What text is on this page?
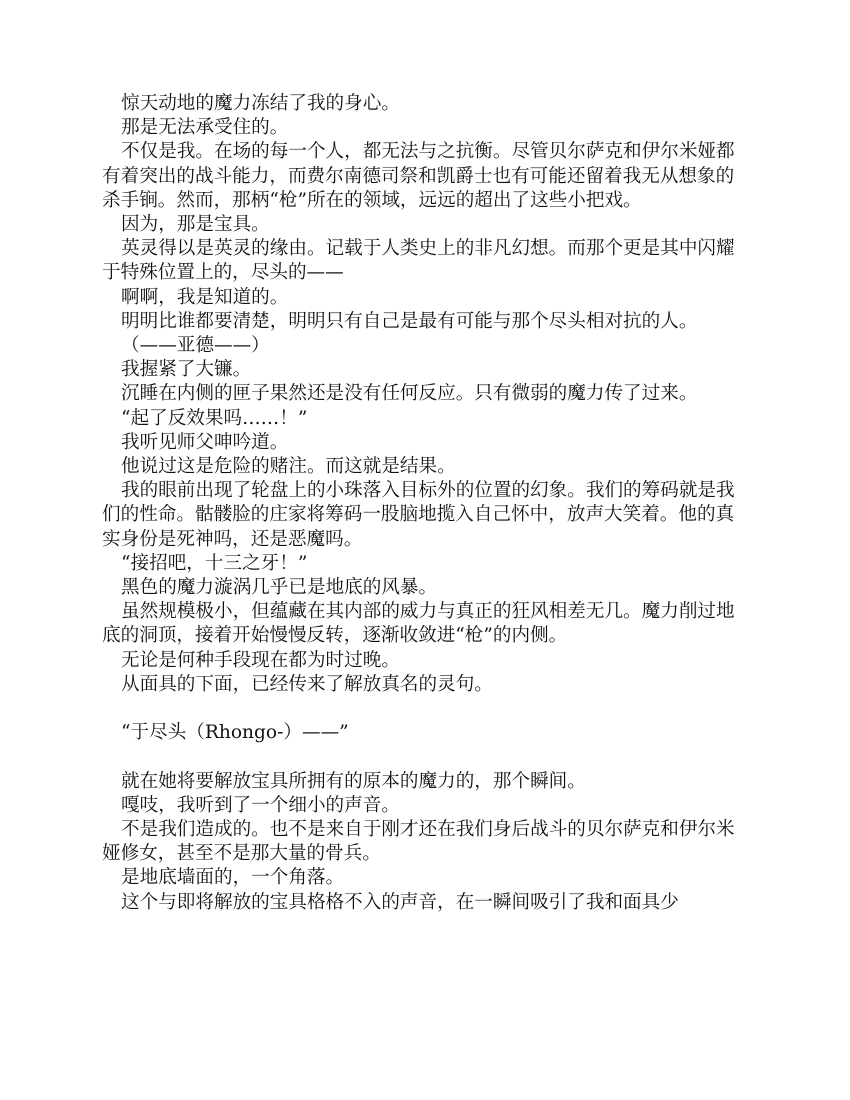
惊天动地的魔力冻结了我的身心。

那是无法承受住的。

不仅是我。在场的每一个人，都无法与之抗衡。尽管贝尔萨克和伊尔米娅都有着突出的战斗能力，而费尔南德司祭和凯爵士也有可能还留着我无从想象的杀手锏。然而，那柄“枪”所在的领域，远远的超出了这些小把戏。

因为，那是宝具。

英灵得以是英灵的缘由。记载于人类史上的非凡幻想。而那个更是其中闪耀于特殊位置上的，尽头的——

啊啊，我是知道的。

明明比谁都要清楚，明明只有自己是最有可能与那个尽头相对抗的人。

（——亚德——）

我握紧了大镰。

沉睡在内侧的匣子果然还是没有任何反应。只有微弱的魔力传了过来。

“起了反效果吗……！”

我听见师父呻吟道。

他说过这是危险的赌注。而这就是结果。

我的眼前出现了轮盘上的小珠落入目标外的位置的幻象。我们的筹码就是我们的性命。骷髅脸的庄家将筹码一股脑地揽入自己怀中，放声大笑着。他的真实身份是死神吗，还是恶魔吗。

“接招吧，十三之牙！”

黑色的魔力漩涡几乎已是地底的风暴。

虽然规模极小，但蕴藏在其内部的威力与真正的狂风相差无几。魔力削过地底的洞顶，接着开始慢慢反转，逐渐收敛进“枪”的内侧。

无论是何种手段现在都为时过晚。

从面具的下面，已经传来了解放真名的灵句。

“于尽头（Rhongo-）——”

就在她将要解放宝具所拥有的原本的魔力的，那个瞬间。

嘎吱，我听到了一个细小的声音。

不是我们造成的。也不是来自于刚才还在我们身后战斗的贝尔萨克和伊尔米娅修女，甚至不是那大量的骨兵。

是地底墙面的，一个角落。

这个与即将解放的宝具格格不入的声音，在一瞬间吸引了我和面具少
